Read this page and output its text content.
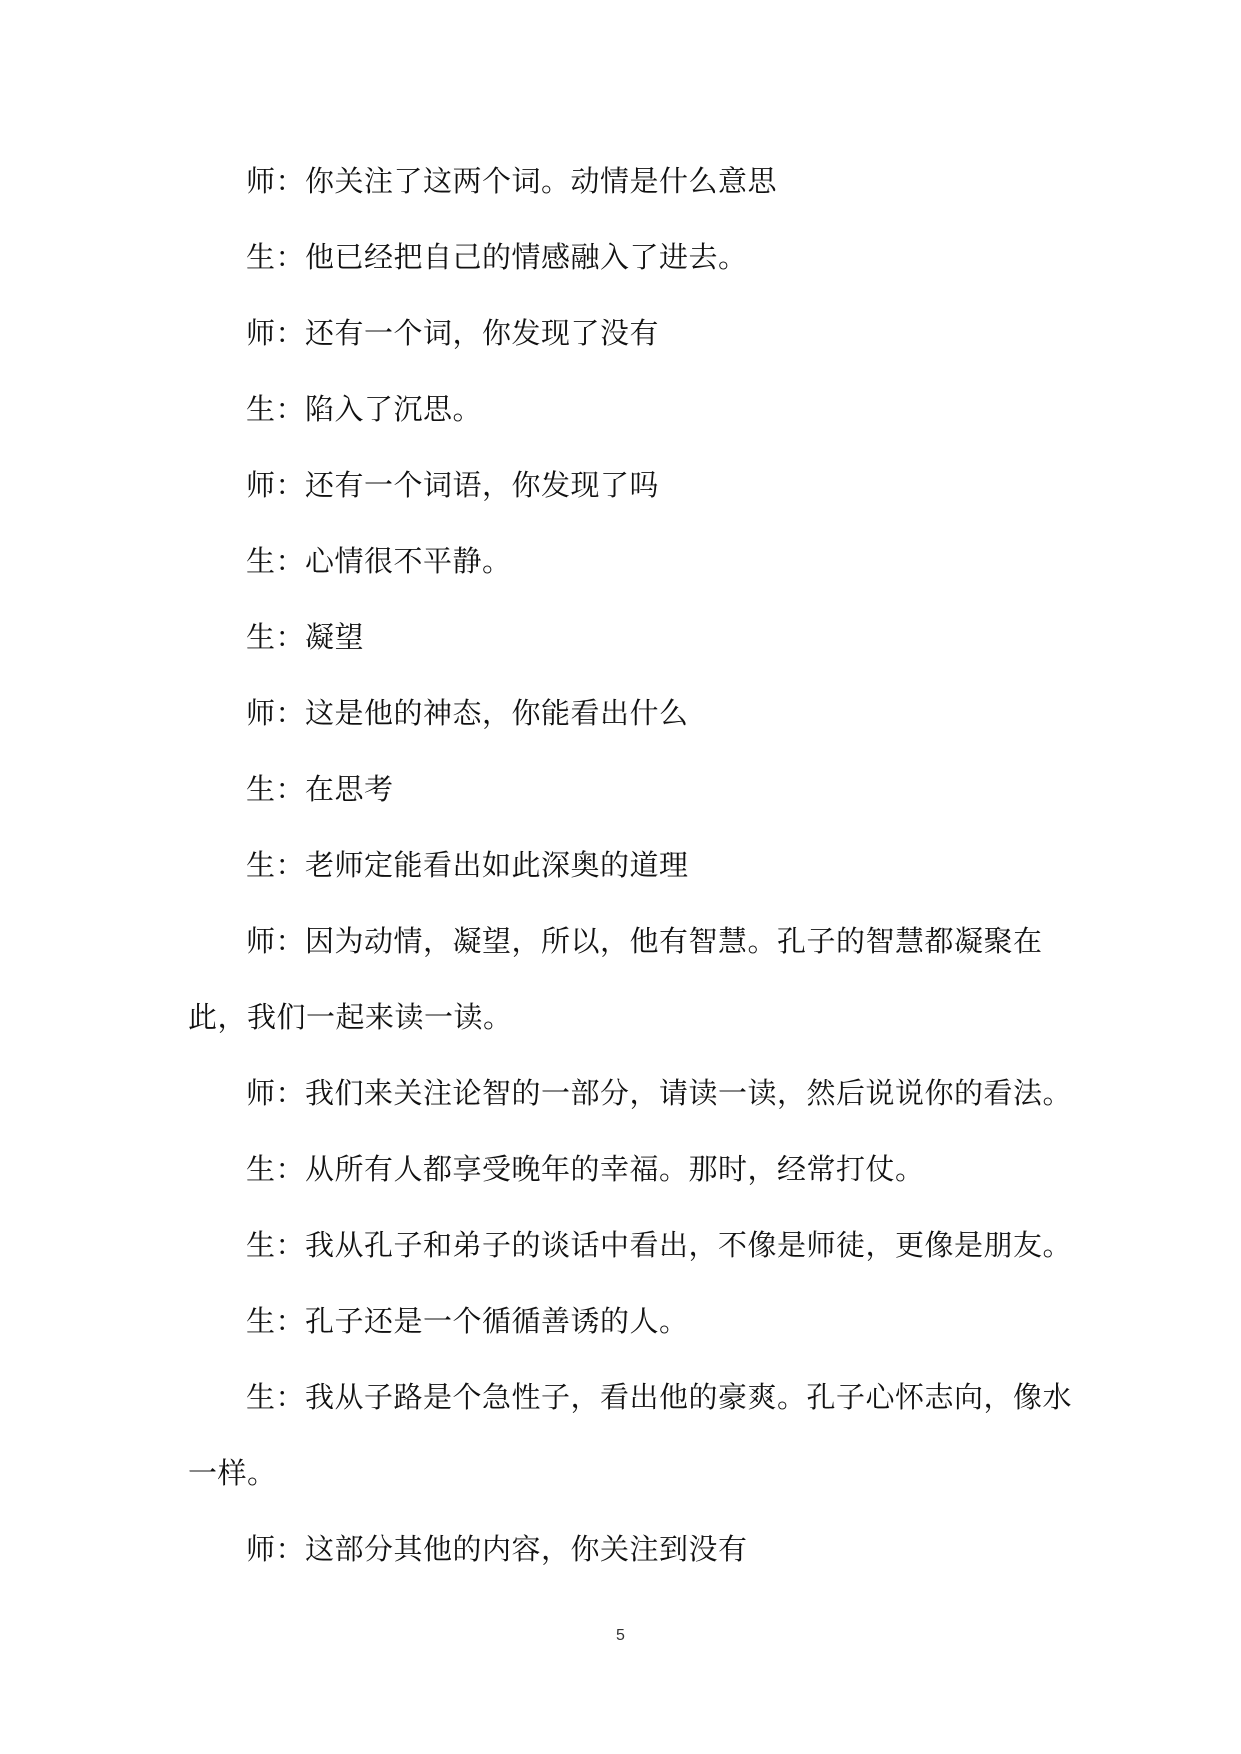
师：你关注了这两个词。动情是什么意思

生：他已经把自己的情感融入了进去。

师：还有一个词，你发现了没有

生：陷入了沉思。

师：还有一个词语，你发现了吗

生：心情很不平静。

生：凝望

师：这是他的神态，你能看出什么

生：在思考

生：老师定能看出如此深奥的道理

师：因为动情，凝望，所以，他有智慧。孔子的智慧都凝聚在此，我们一起来读一读。

师：我们来关注论智的一部分，请读一读，然后说说你的看法。

生：从所有人都享受晚年的幸福。那时，经常打仗。

生：我从孔子和弟子的谈话中看出，不像是师徒，更像是朋友。

生：孔子还是一个循循善诱的人。

生：我从子路是个急性子，看出他的豪爽。孔子心怀志向，像水一样。

师：这部分其他的内容，你关注到没有

5
